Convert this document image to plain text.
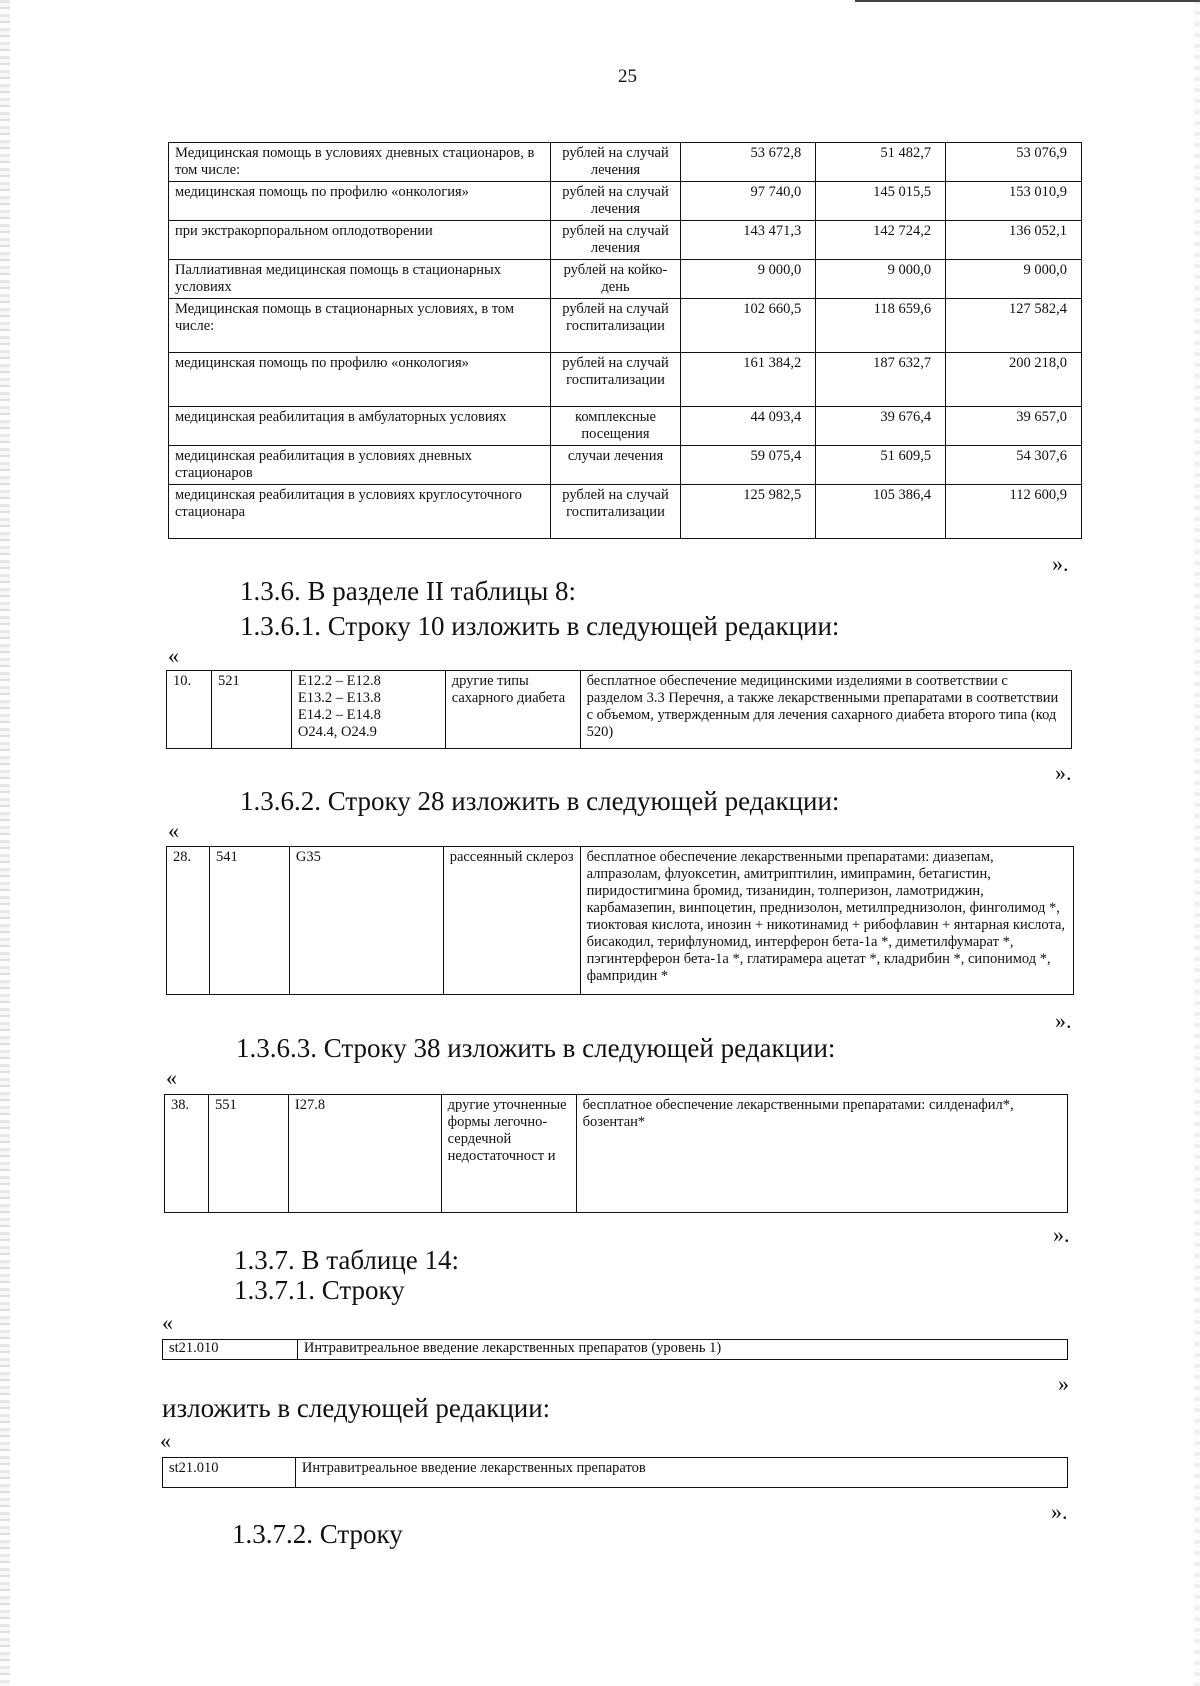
25
Медицинская помощь в условиях дневных стационаров, в том числе:	рублей на случай лечения	53 672,8	51 482,7	53 076,9
медицинская помощь по профилю «онкология»	рублей на случай лечения	97 740,0	145 015,5	153 010,9
при экстракорпоральном оплодотворении	рублей на случай лечения	143 471,3	142 724,2	136 052,1
Паллиативная медицинская помощь в стационарных условиях	рублей на койко-день	9 000,0	9 000,0	9 000,0
Медицинская помощь в стационарных условиях, в том числе:	рублей на случай госпитализации	102 660,5	118 659,6	127 582,4
медицинская помощь по профилю «онкология»	рублей на случай госпитализации	161 384,2	187 632,7	200 218,0
медицинская реабилитация в амбулаторных условиях	комплексные посещения	44 093,4	39 676,4	39 657,0
медицинская реабилитация в условиях дневных стационаров	случаи лечения	59 075,4	51 609,5	54 307,6
медицинская реабилитация в условиях круглосуточного стационара	рублей на случай госпитализации	125 982,5	105 386,4	112 600,9
».
1.3.6. В разделе II таблицы 8:
1.3.6.1. Строку 10 изложить в следующей редакции:
«
10.	521	E12.2 – E12.8
E13.2 – E13.8
E14.2 – E14.8
O24.4, O24.9	другие типы сахарного диабета	бесплатное обеспечение медицинскими изделиями в соответствии с разделом 3.3 Перечня, а также лекарственными препаратами в соответствии с объемом, утвержденным для лечения сахарного диабета второго типа (код 520)
».
1.3.6.2. Строку 28 изложить в следующей редакции:
«
28.	541	G35	рассеянный склероз	бесплатное обеспечение лекарственными препаратами: диазепам, алпразолам, флуоксетин, амитриптилин, имипрамин, бетагистин, пиридостигмина бромид, тизанидин, толперизон, ламотриджин, карбамазепин, винпоцетин, преднизолон, метилпреднизолон, финголимод *, тиоктовая кислота, инозин + никотинамид + рибофлавин + янтарная кислота, бисакодил, терифлуномид, интерферон бета-1а *, диметилфумарат *, пэгинтерферон бета-1а *, глатирамера ацетат *, кладрибин *, сипонимод *, фампридин *
».
1.3.6.3. Строку 38 изложить в следующей редакции:
«
38.	551	I27.8	другие уточненные формы легочно-сердечной недостаточност и	бесплатное обеспечение лекарственными препаратами: силденафил*, бозентан*
».
1.3.7. В таблице 14:
1.3.7.1. Строку
«
st21.010	Интравитреальное введение лекарственных препаратов (уровень 1)
»
изложить в следующей редакции:
«
st21.010	Интравитреальное введение лекарственных препаратов
».
1.3.7.2. Строку
